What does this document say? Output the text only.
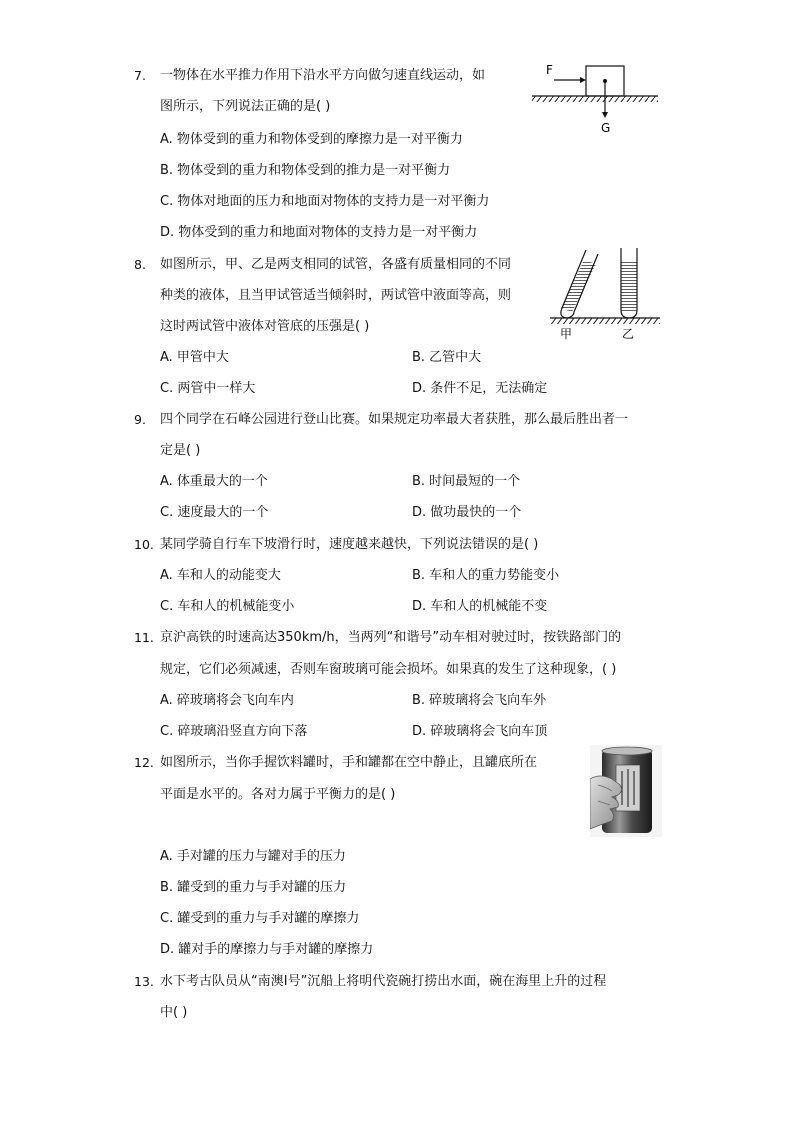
7. 一物体在水平推力作用下沿水平方向做匀速直线运动，如
图所示，下列说法正确的是( )
A. 物体受到的重力和物体受到的摩擦力是一对平衡力
B. 物体受到的重力和物体受到的推力是一对平衡力
C. 物体对地面的压力和地面对物体的支持力是一对平衡力
D. 物体受到的重力和地面对物体的支持力是一对平衡力
F
G
8. 如图所示，甲、乙是两支相同的试管，各盛有质量相同的不同
种类的液体，且当甲试管适当倾斜时，两试管中液面等高，则
这时两试管中液体对管底的压强是( )
A. 甲管中大	B. 乙管中大
C. 两管中一样大	D. 条件不足，无法确定
甲	乙
9. 四个同学在石峰公园进行登山比赛。如果规定功率最大者获胜，那么最后胜出者一
定是( )
A. 体重最大的一个	B. 时间最短的一个
C. 速度最大的一个	D. 做功最快的一个
10. 某同学骑自行车下坡滑行时，速度越来越快，下列说法错误的是( )
A. 车和人的动能变大	B. 车和人的重力势能变小
C. 车和人的机械能变小	D. 车和人的机械能不变
11. 京沪高铁的时速高达350km/h，当两列“和谐号”动车相对驶过时，按铁路部门的
规定，它们必须减速，否则车窗玻璃可能会损坏。如果真的发生了这种现象，( )
A. 碎玻璃将会飞向车内	B. 碎玻璃将会飞向车外
C. 碎玻璃沿竖直方向下落	D. 碎玻璃将会飞向车顶
12. 如图所示，当你手握饮料罐时，手和罐都在空中静止，且罐底所在
平面是水平的。各对力属于平衡力的是( )
A. 手对罐的压力与罐对手的压力
B. 罐受到的重力与手对罐的压力
C. 罐受到的重力与手对罐的摩擦力
D. 罐对手的摩擦力与手对罐的摩擦力
13. 水下考古队员从“南澳Ⅰ号”沉船上将明代瓷碗打捞出水面，碗在海里上升的过程
中( )
